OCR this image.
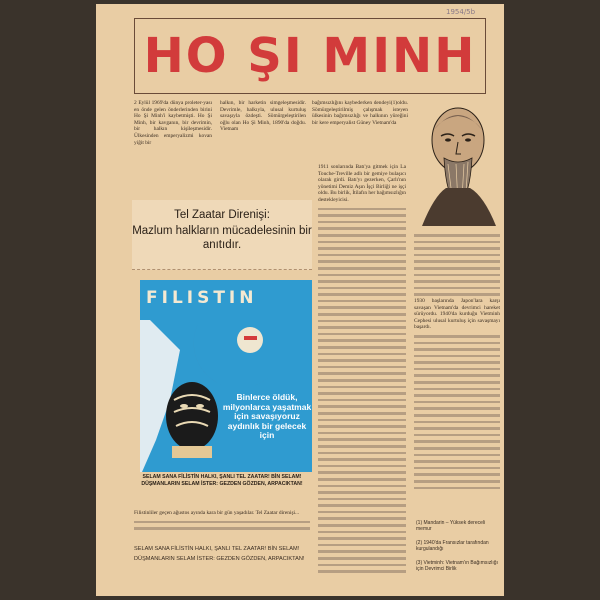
1954/5b
HO ŞI MINH

2 Eylül 1969'da dünya proleter-yası en önde gelen önderlerinden birini Ho Şi Minh'i kaybetmişti. Ho Şi Minh, bir kavganın, bir devrimin, bir halkın kişileşmesidir. Ülkesinden emperyalizmi kovan yiğit bir

halkın, bir harketin simgeleşmesidir. Devrimle, halkıyla, ulusal kurtuluş savaşıyla özdeşti. Sömürgeleştirilen oğlu olan Ho Şi Minh, 1890'da doğdu. Vietnam

bağımsızlığını kaybederken dendeyi(1)oldu. Sömürgeleştirilmiş çalışmak isteyen ülkesinin bağımsızlığı ve halkının yüreğini bir kere emperyalist Güney Vietnam'da

1911 sonlarında Batı'ya gitmek için La Touche-Treville adlı bir gemiye bulaşıcı olarak girdi. Batı'yı gezerken, Çarlı'nın yönetimi Demiz Aşın İşçi Birliği ne işçi oldu. Bu birlik, İtilafın her bağımsızlığın destekleyicisi.

1930 başlarında Japon'lara karşı savaşan Vietnam'da devrimci hareket sürüyordu. 1940'da kurduğu Vietminh Cephesi ulusal kurtuluş için savaşmayı başardı.

Tel Zaatar Direnişi:
Mazlum halkların mücadelesinin bir anıtıdır.
FILISTIN
Binlerce öldük, milyonlarca yaşatmak için savaşıyoruz aydınlık bir gelecek için
SELAM SANA FİLİSTİN HALKI, ŞANLI TEL ZAATAR! BİN SELAM! DÜŞMANLARIN SELAM İSTER: GEZDEN GÖZDEN, ARPACIKTAN!

Filistinliler geçen ağustos ayında kara bir gün yaşadılar. Tel Zaatar direnişi...

SELAM SANA FİLİSTİN HALKI, ŞANLI TEL ZAATAR! BİN SELAM!
DÜŞMANLARIN SELAM İSTER: GEZDEN GÖZDEN, ARPACIKTAN!
(1) Mandarin – Yüksek dereceli memur
(2) 1940'da Fransızlar tarafından kurgulandığı
(3) Vietminh: Vietnam'ın Bağımsızlığı için Devrimci Birlik
